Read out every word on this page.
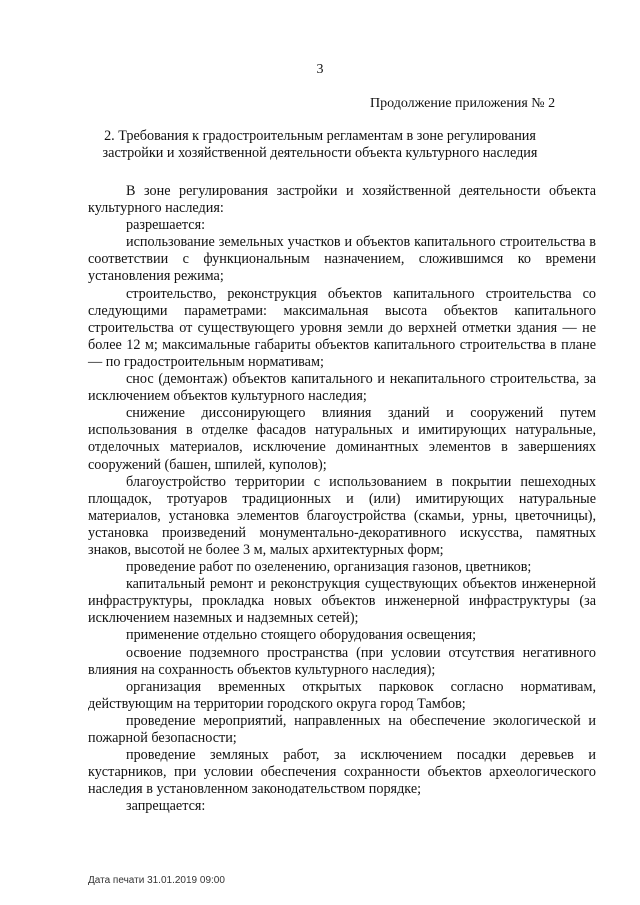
3
Продолжение приложения № 2
2. Требования к градостроительным регламентам в зоне регулирования застройки и хозяйственной деятельности объекта культурного наследия

В зоне регулирования застройки и хозяйственной деятельности объекта культурного наследия:

разрешается:

использование земельных участков и объектов капитального строительства в соответствии с функциональным назначением, сложившимся ко времени установления режима;

строительство, реконструкция объектов капитального строительства со следующими параметрами: максимальная высота объектов капитального строительства от существующего уровня земли до верхней отметки здания — не более 12 м; максимальные габариты объектов капитального строительства в плане — по градостроительным нормативам;

снос (демонтаж) объектов капитального и некапитального строительства, за исключением объектов культурного наследия;

снижение диссонирующего влияния зданий и сооружений путем использования в отделке фасадов натуральных и имитирующих натуральные, отделочных материалов, исключение доминантных элементов в завершениях сооружений (башен, шпилей, куполов);

благоустройство территории с использованием в покрытии пешеходных площадок, тротуаров традиционных и (или) имитирующих натуральные материалов, установка элементов благоустройства (скамьи, урны, цветочницы), установка произведений монументально-декоративного искусства, памятных знаков, высотой не более 3 м, малых архитектурных форм;

проведение работ по озеленению, организация газонов, цветников;

капитальный ремонт и реконструкция существующих объектов инженерной инфраструктуры, прокладка новых объектов инженерной инфраструктуры (за исключением наземных и надземных сетей);

применение отдельно стоящего оборудования освещения;

освоение подземного пространства (при условии отсутствия негативного влияния на сохранность объектов культурного наследия);

организация временных открытых парковок согласно нормативам, действующим на территории городского округа город Тамбов;

проведение мероприятий, направленных на обеспечение экологической и пожарной безопасности;

проведение земляных работ, за исключением посадки деревьев и кустарников, при условии обеспечения сохранности объектов археологического наследия в установленном законодательством порядке;

запрещается:

Дата печати 31.01.2019 09:00
